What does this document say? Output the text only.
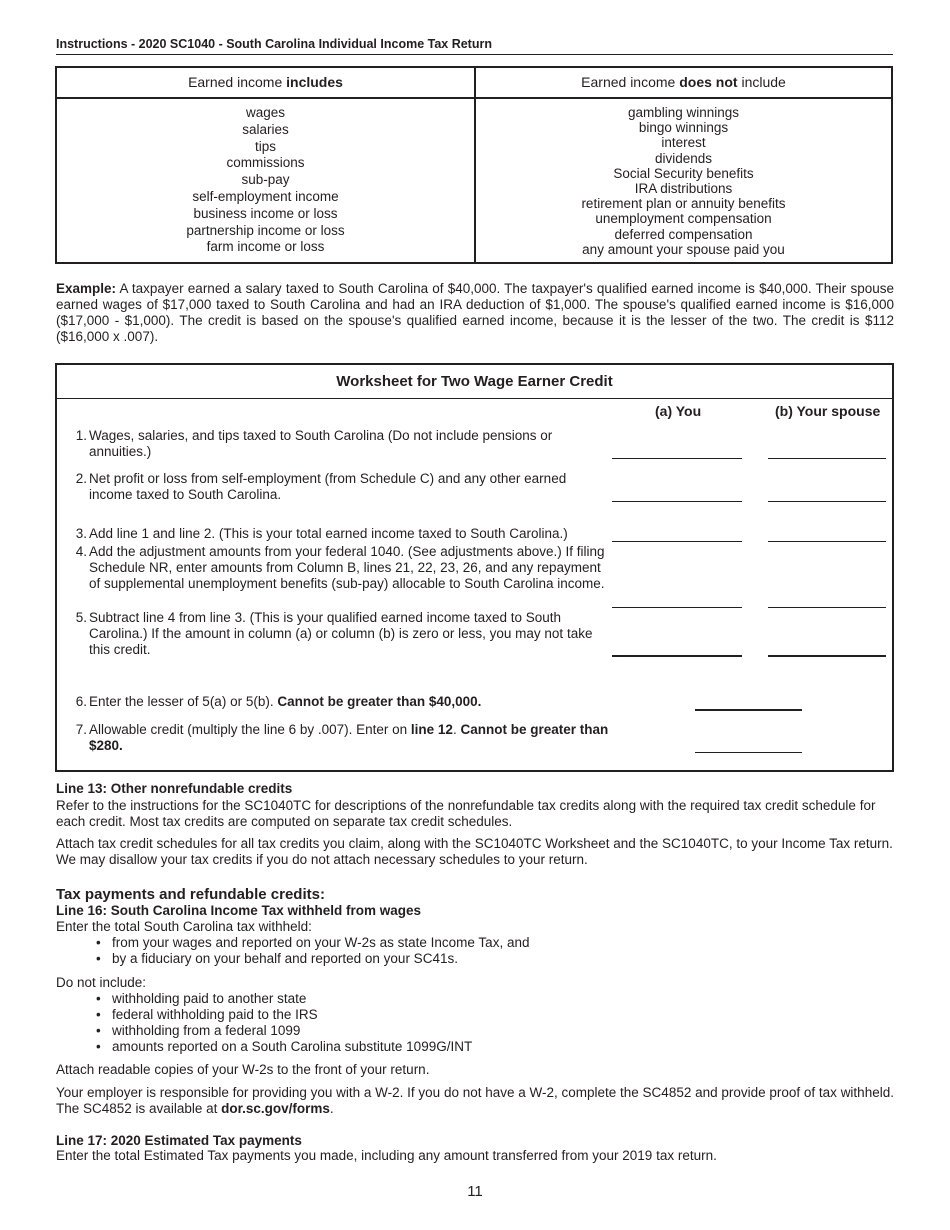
Instructions - 2020 SC1040 - South Carolina Individual Income Tax Return
Earned income includes
wages
salaries
tips
commissions
sub-pay
self-employment income
business income or loss
partnership income or loss
farm income or loss
Earned income does not include
gambling winnings
bingo winnings
interest
dividends
Social Security benefits
IRA distributions
retirement plan or annuity benefits
unemployment compensation
deferred compensation
any amount your spouse paid you
Example: A taxpayer earned a salary taxed to South Carolina of $40,000. The taxpayer's qualified earned income is $40,000. Their spouse earned wages of $17,000 taxed to South Carolina and had an IRA deduction of $1,000. The spouse's qualified earned income is $16,000 ($17,000 - $1,000). The credit is based on the spouse's qualified earned income, because it is the lesser of the two. The credit is $112 ($16,000 x .007).
Worksheet for Two Wage Earner Credit
(a) You	(b) Your spouse
1. Wages, salaries, and tips taxed to South Carolina (Do not include pensions or annuities.)
2. Net profit or loss from self-employment (from Schedule C) and any other earned income taxed to South Carolina.
3. Add line 1 and line 2. (This is your total earned income taxed to South Carolina.)
4. Add the adjustment amounts from your federal 1040. (See adjustments above.) If filing Schedule NR, enter amounts from Column B, lines 21, 22, 23, 26, and any repayment of supplemental unemployment benefits (sub-pay) allocable to South Carolina income.
5. Subtract line 4 from line 3. (This is your qualified earned income taxed to South Carolina.) If the amount in column (a) or column (b) is zero or less, you may not take this credit.
6. Enter the lesser of 5(a) or 5(b). Cannot be greater than $40,000.
7. Allowable credit (multiply the line 6 by .007). Enter on line 12. Cannot be greater than $280.
Line 13: Other nonrefundable credits
Refer to the instructions for the SC1040TC for descriptions of the nonrefundable tax credits along with the required tax credit schedule for each credit. Most tax credits are computed on separate tax credit schedules.
Attach tax credit schedules for all tax credits you claim, along with the SC1040TC Worksheet and the SC1040TC, to your Income Tax return. We may disallow your tax credits if you do not attach necessary schedules to your return.
Tax payments and refundable credits:
Line 16: South Carolina Income Tax withheld from wages
Enter the total South Carolina tax withheld:
• from your wages and reported on your W-2s as state Income Tax, and
• by a fiduciary on your behalf and reported on your SC41s.
Do not include:
• withholding paid to another state
• federal withholding paid to the IRS
• withholding from a federal 1099
• amounts reported on a South Carolina substitute 1099G/INT
Attach readable copies of your W-2s to the front of your return.
Your employer is responsible for providing you with a W-2. If you do not have a W-2, complete the SC4852 and provide proof of tax withheld. The SC4852 is available at dor.sc.gov/forms.
Line 17: 2020 Estimated Tax payments
Enter the total Estimated Tax payments you made, including any amount transferred from your 2019 tax return.
11
